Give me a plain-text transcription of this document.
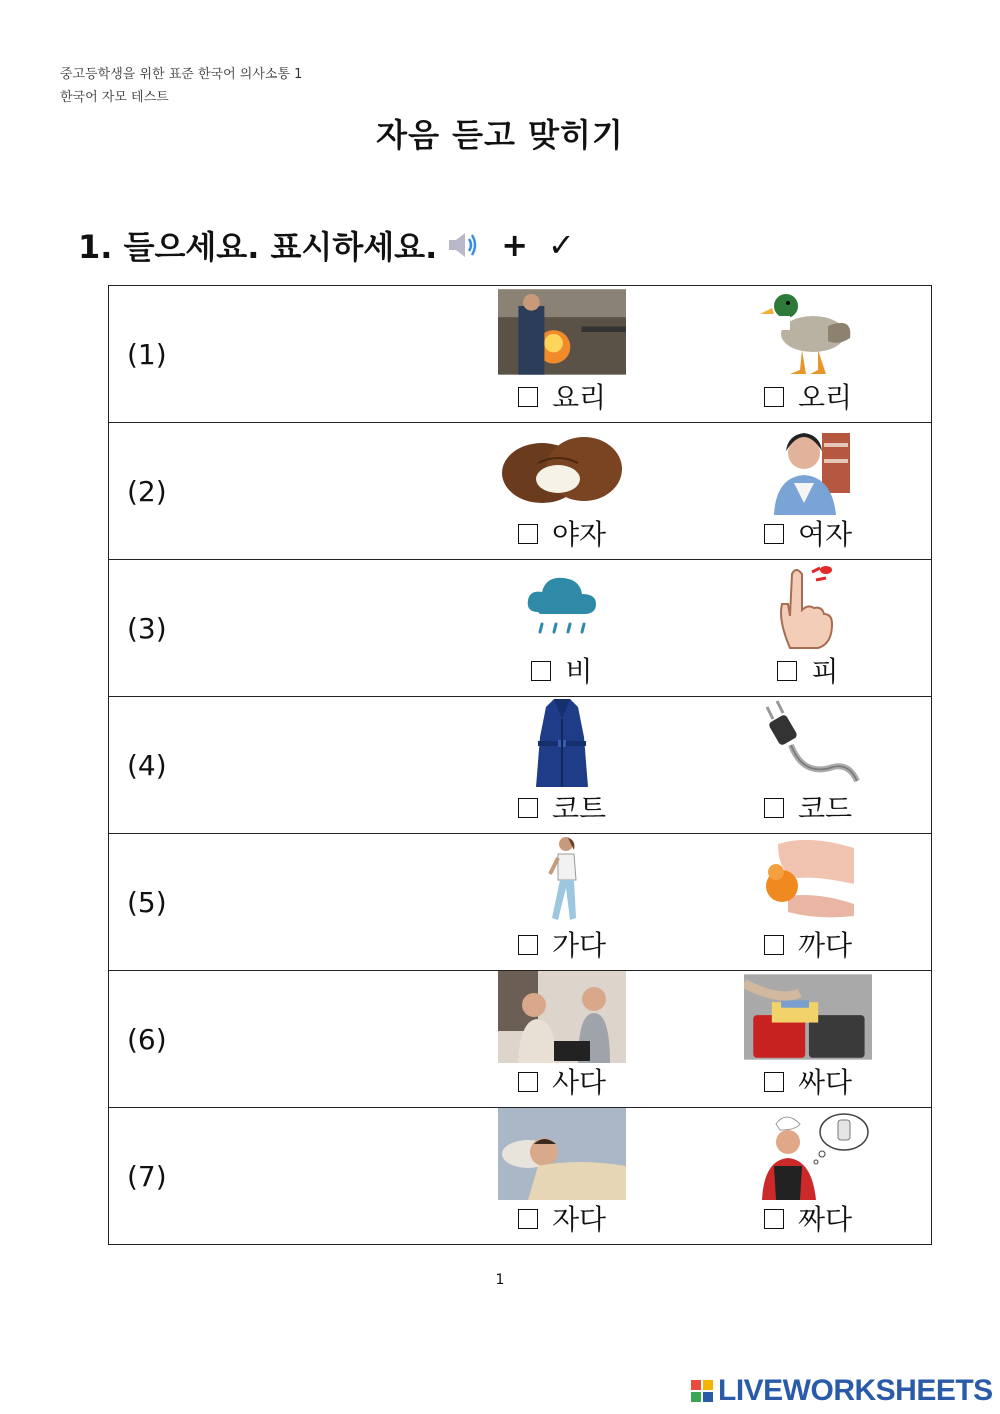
중고등학생을 위한 표준 한국어 의사소통 1
한국어 자모 테스트
자음 듣고 맞히기
1. 들으세요. 표시하세요. + ✓
(1)	요리	오리

(2)	야자	여자

(3)	비	피

(4)	코트	코드

(5)	가다	까다

(6)	사다	싸다

(7)	자다	짜다
1
LIVEWORKSHEETS
